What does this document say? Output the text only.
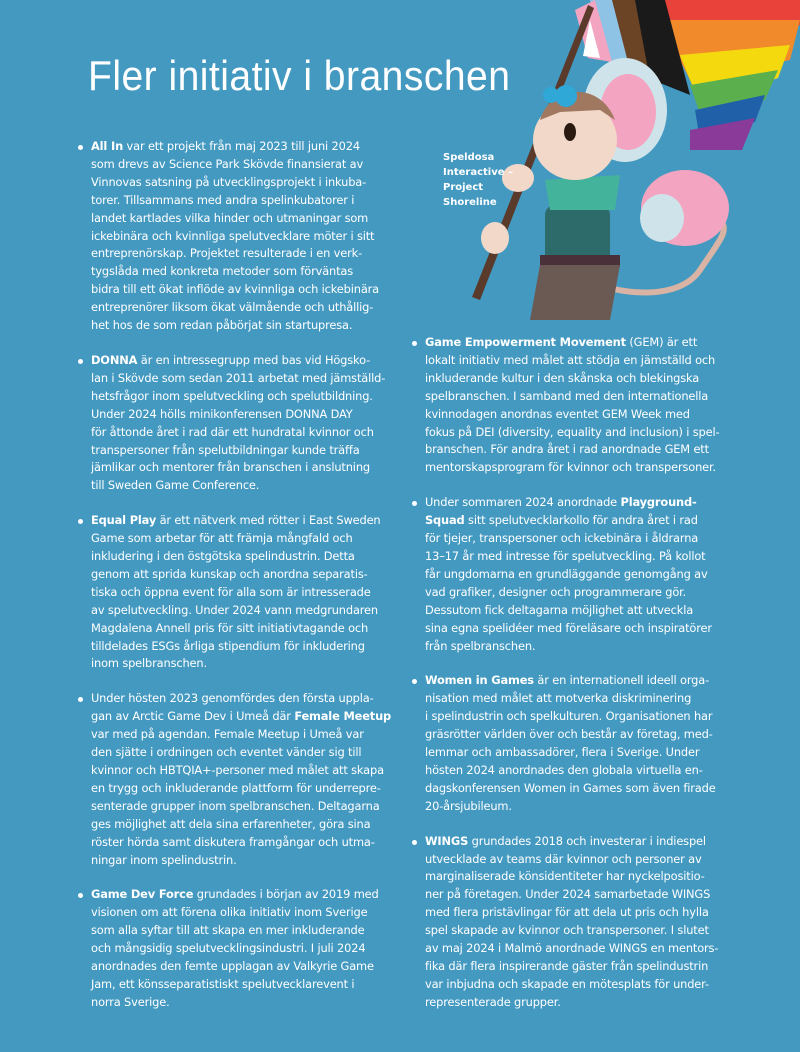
Fler initiativ i branschen
Speldosa
Interactive –
Project
Shoreline
All In var ett projekt från maj 2023 till juni 2024
som drevs av Science Park Skövde finansierat av
Vinnovas satsning på utvecklingsprojekt i inkuba-
torer. Tillsammans med andra spelinkubatorer i
landet kartlades vilka hinder och utmaningar som
ickebinära och kvinnliga spelutvecklare möter i sitt
entreprenörskap. Projektet resulterade i en verk-
tygslåda med konkreta metoder som förväntas
bidra till ett ökat inflöde av kvinnliga och ickebinära
entreprenörer liksom ökat välmående och uthållig-
het hos de som redan påbörjat sin startupresa.
DONNA är en intressegrupp med bas vid Högsko-
lan i Skövde som sedan 2011 arbetat med jämställd-
hetsfrågor inom spelutveckling och spelutbildning.
Under 2024 hölls minikonferensen DONNA DAY
för åttonde året i rad där ett hundratal kvinnor och
transpersoner från spelutbildningar kunde träffa
jämlikar och mentorer från branschen i anslutning
till Sweden Game Conference.
Equal Play är ett nätverk med rötter i East Sweden
Game som arbetar för att främja mångfald och
inkludering i den östgötska spelindustrin. Detta
genom att sprida kunskap och anordna separatis-
tiska och öppna event för alla som är intresserade
av spelutveckling. Under 2024 vann medgrundaren
Magdalena Annell pris för sitt initiativtagande och
tilldelades ESGs årliga stipendium för inkludering
inom spelbranschen.
Under hösten 2023 genomfördes den första uppla-
gan av Arctic Game Dev i Umeå där Female Meetup
var med på agendan. Female Meetup i Umeå var
den sjätte i ordningen och eventet vänder sig till
kvinnor och HBTQIA+-personer med målet att skapa
en trygg och inkluderande plattform för underrepre-
senterade grupper inom spelbranschen. Deltagarna
ges möjlighet att dela sina erfarenheter, göra sina
röster hörda samt diskutera framgångar och utma-
ningar inom spelindustrin.
Game Dev Force grundades i början av 2019 med
visionen om att förena olika initiativ inom Sverige
som alla syftar till att skapa en mer inkluderande
och mångsidig spelutvecklingsindustri. I juli 2024
anordnades den femte upplagan av Valkyrie Game
Jam, ett könsseparatistiskt spelutvecklarevent i
norra Sverige.
Game Empowerment Movement (GEM) är ett
lokalt initiativ med målet att stödja en jämställd och
inkluderande kultur i den skånska och blekingska
spelbranschen. I samband med den internationella
kvinnodagen anordnas eventet GEM Week med
fokus på DEI (diversity, equality and inclusion) i spel-
branschen. För andra året i rad anordnade GEM ett
mentorskapsprogram för kvinnor och transpersoner.
Under sommaren 2024 anordnade Playground-
Squad sitt spelutvecklarkollo för andra året i rad
för tjejer, transpersoner och ickebinära i åldrarna
13–17 år med intresse för spelutveckling. På kollot
får ungdomarna en grundläggande genomgång av
vad grafiker, designer och programmerare gör.
Dessutom fick deltagarna möjlighet att utveckla
sina egna spelidéer med föreläsare och inspiratörer
från spelbranschen.
Women in Games är en internationell ideell orga-
nisation med målet att motverka diskriminering
i spelindustrin och spelkulturen. Organisationen har
gräsrötter världen över och består av företag, med-
lemmar och ambassadörer, flera i Sverige. Under
hösten 2024 anordnades den globala virtuella en-
dagskonferensen Women in Games som även firade
20-årsjubileum.
WINGS grundades 2018 och investerar i indiespel
utvecklade av teams där kvinnor och personer av
marginaliserade könsidentiteter har nyckelpositio-
ner på företagen. Under 2024 samarbetade WINGS
med flera pristävlingar för att dela ut pris och hylla
spel skapade av kvinnor och transpersoner. I slutet
av maj 2024 i Malmö anordnade WINGS en mentors-
fika där flera inspirerande gäster från spelindustrin
var inbjudna och skapade en mötesplats för under-
representerade grupper.
